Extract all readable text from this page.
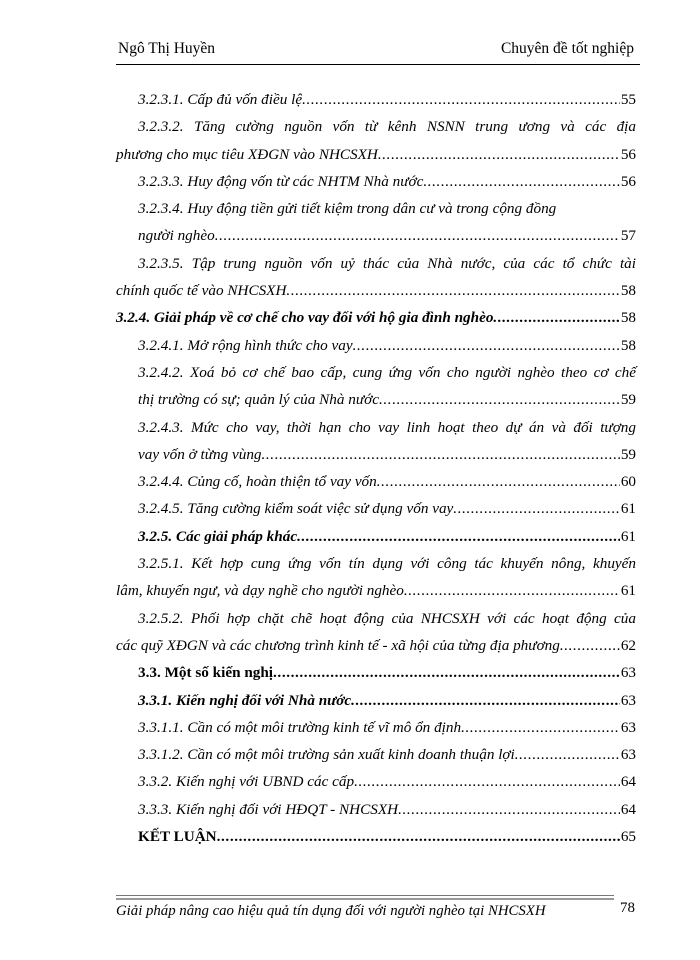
Ngô Thị Huyền	Chuyên đề tốt nghiệp
3.2.3.1. Cấp đủ vốn điều lệ .....	55
3.2.3.2. Tăng cường nguồn vốn từ kênh NSNN trung ương và các địa
phương cho mục tiêu XĐGN vào NHCSXH .....	56
3.2.3.3. Huy động vốn từ các NHTM Nhà nước .....	56
3.2.3.4. Huy động tiền gửi tiết kiệm trong dân cư và trong cộng đồng
người nghèo .....	57
3.2.3.5. Tập trung nguồn vốn uỷ thác của Nhà nước, của các tổ chức tài
chính quốc tế vào NHCSXH .....	58
3.2.4. Giải pháp về cơ chế cho vay đối với hộ gia đình nghèo .....	58
3.2.4.1. Mở rộng hình thức cho vay .....	58
3.2.4.2. Xoá bỏ cơ chế bao cấp, cung ứng vốn cho người nghèo theo cơ chế
thị trường có sự; quản lý của Nhà nước .....	59
3.2.4.3. Mức cho vay, thời hạn cho vay linh hoạt theo dự án và đối tượng
vay vốn ở từng vùng .....	59
3.2.4.4. Củng cố, hoàn thiện tổ vay vốn .....	60
3.2.4.5. Tăng cường kiểm soát việc sử dụng vốn vay .....	61
3.2.5. Các giải pháp khác .....	61
3.2.5.1. Kết hợp cung ứng vốn tín dụng với công tác khuyến nông, khuyến
lâm, khuyến ngư, và dạy nghề cho người nghèo .....	61
3.2.5.2. Phối hợp chặt chẽ hoạt động của NHCSXH với các hoạt động của
các quỹ XĐGN và các chương trình kinh tế - xã hội của từng địa phương .....	62
3.3. Một số kiến nghị .....	63
3.3.1. Kiến nghị đối với Nhà nước .....	63
3.3.1.1. Cần có một môi trường kinh tế vĩ mô ổn định .....	63
3.3.1.2. Cần có một môi trường sản xuất kinh doanh thuận lợi .....	63
3.3.2. Kiến nghị với UBND các cấp .....	64
3.3.3. Kiến nghị đối với HĐQT - NHCSXH .....	64
KẾT LUẬN .....	65
Giải pháp nâng cao hiệu quả tín dụng đối với người nghèo tại NHCSXH	78
